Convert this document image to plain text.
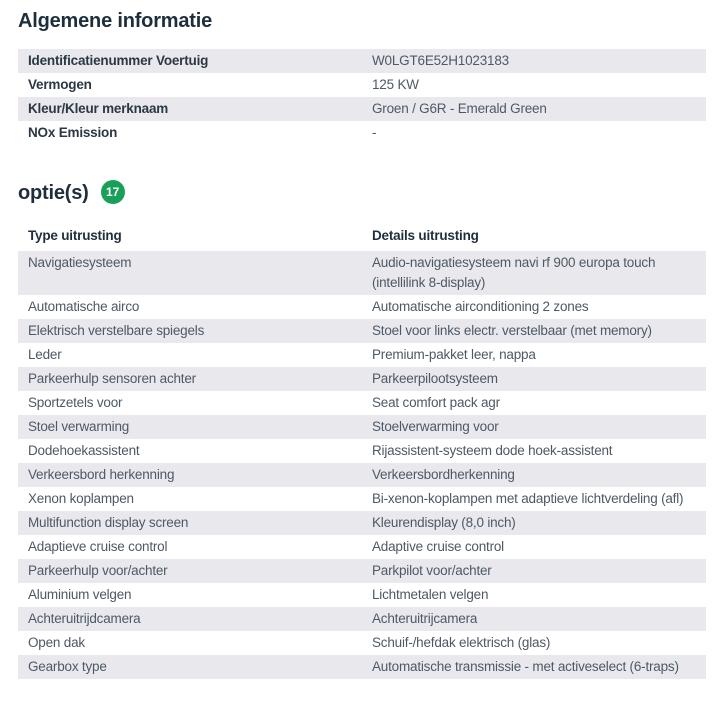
Algemene informatie
Identificatienummer Voertuig	W0LGT6E52H1023183
Vermogen	125 KW
Kleur/Kleur merknaam	Groen / G6R - Emerald Green
NOx Emission	-
optie(s)	17
Type uitrusting	Details uitrusting
Navigatiesysteem	Audio-navigatiesysteem navi rf 900 europa touch (intellilink 8-display)
Automatische airco	Automatische airconditioning 2 zones
Elektrisch verstelbare spiegels	Stoel voor links electr. verstelbaar (met memory)
Leder	Premium-pakket leer, nappa
Parkeerhulp sensoren achter	Parkeerpilootsysteem
Sportzetels voor	Seat comfort pack agr
Stoel verwarming	Stoelverwarming voor
Dodehoekassistent	Rijassistent-systeem dode hoek-assistent
Verkeersbord herkenning	Verkeersbordherkenning
Xenon koplampen	Bi-xenon-koplampen met adaptieve lichtverdeling (afl)
Multifunction display screen	Kleurendisplay (8,0 inch)
Adaptieve cruise control	Adaptive cruise control
Parkeerhulp voor/achter	Parkpilot voor/achter
Aluminium velgen	Lichtmetalen velgen
Achteruitrijdcamera	Achteruitrijcamera
Open dak	Schuif-/hefdak elektrisch (glas)
Gearbox type	Automatische transmissie - met activeselect (6-traps)
